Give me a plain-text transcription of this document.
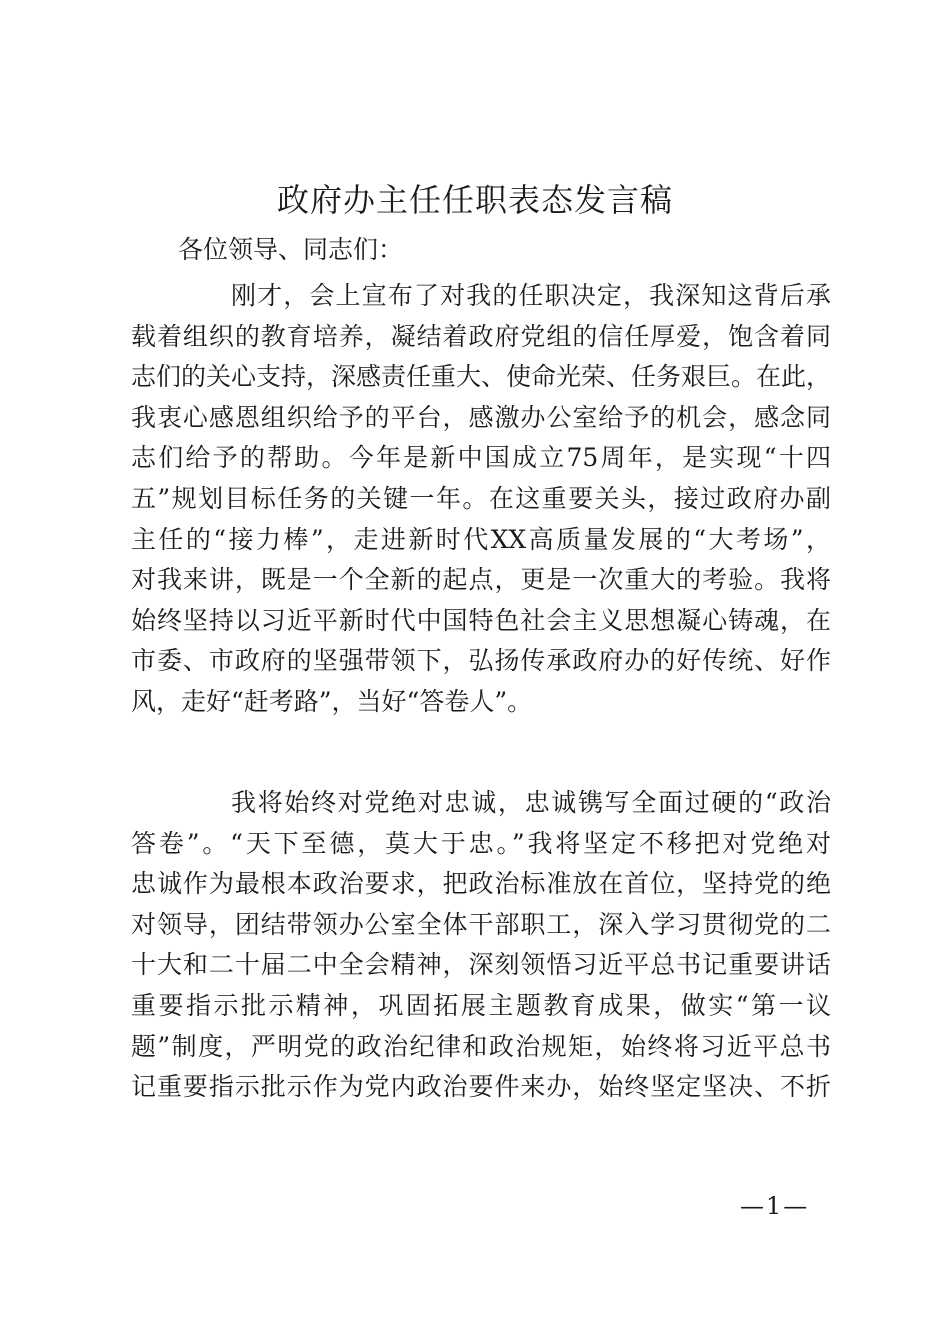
政府办主任任职表态发言稿

各位领导、同志们：

刚才，会上宣布了对我的任职决定，我深知这背后承
载着组织的教育培养，凝结着政府党组的信任厚爱，饱含着同
志们的关心支持，深感责任重大、使命光荣、任务艰巨。在此，
我衷心感恩组织给予的平台，感激办公室给予的机会，感念同
志们给予的帮助。今年是新中国成立75周年，是实现“十四
五”规划目标任务的关键一年。在这重要关头，接过政府办副
主任的“接力棒”，走进新时代XX高质量发展的“大考场”，
对我来讲，既是一个全新的起点，更是一次重大的考验。我将
始终坚持以习近平新时代中国特色社会主义思想凝心铸魂，在
市委、市政府的坚强带领下，弘扬传承政府办的好传统、好作
风，走好“赶考路”，当好“答卷人”。
我将始终对党绝对忠诚，忠诚镌写全面过硬的“政治
答卷”。“天下至德，莫大于忠。”我将坚定不移把对党绝对
忠诚作为最根本政治要求，把政治标准放在首位，坚持党的绝
对领导，团结带领办公室全体干部职工，深入学习贯彻党的二
十大和二十届二中全会精神，深刻领悟习近平总书记重要讲话
重要指示批示精神，巩固拓展主题教育成果，做实“第一议
题”制度，严明党的政治纪律和政治规矩，始终将习近平总书
记重要指示批示作为党内政治要件来办，始终坚定坚决、不折

—1—
